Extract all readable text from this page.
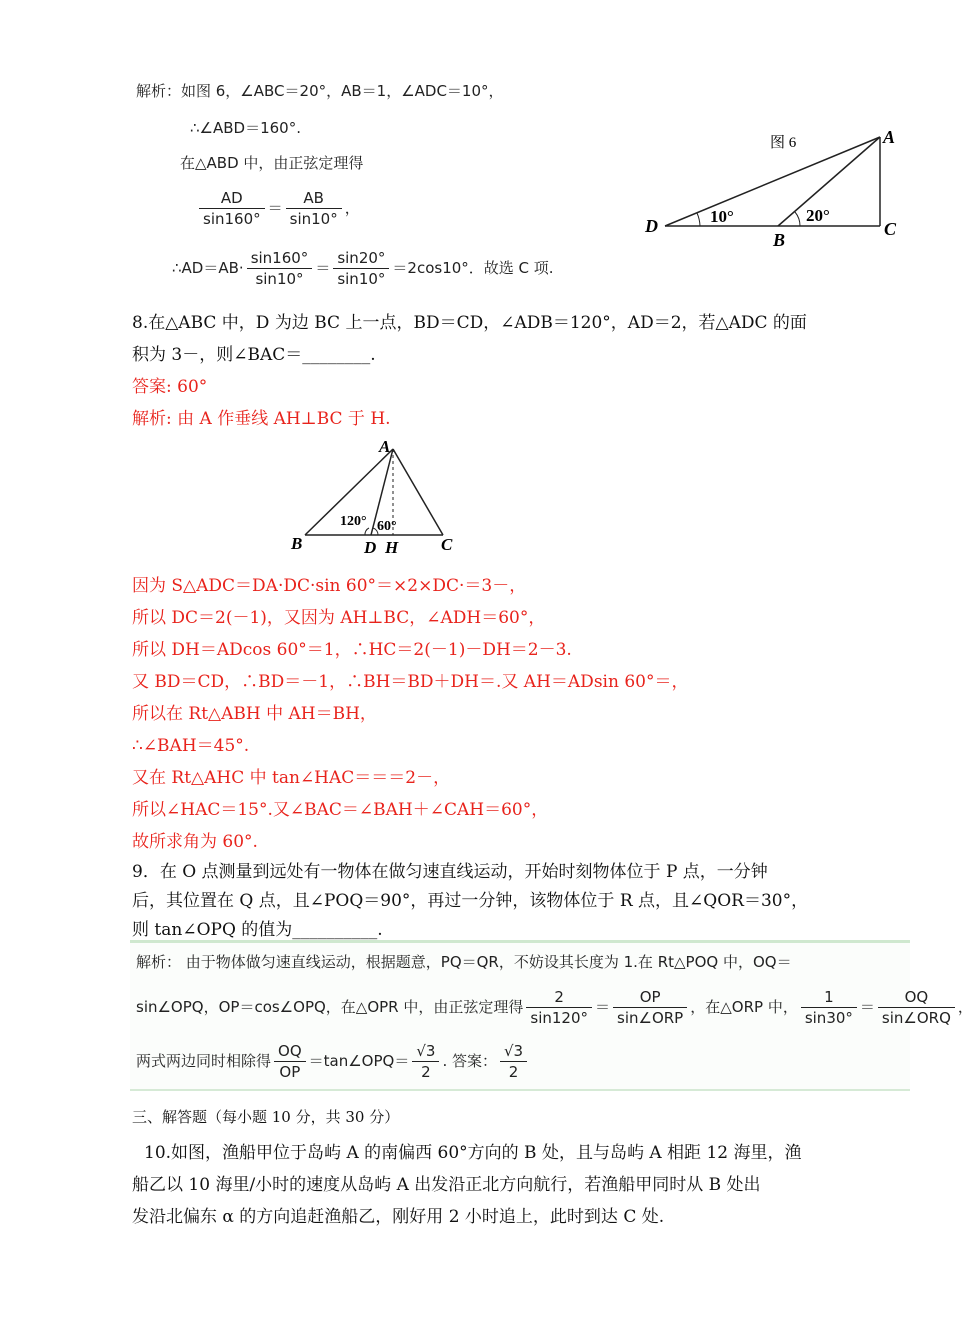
解析：如图 6，∠ABC＝20°，AB＝1，∠ADC＝10°，
∴∠ABD＝160°.
在△ABD 中，由正弦定理得
$\frac{AD}{\sin 160^\circ} = \frac{AB}{\sin 10^\circ}$ ，
∴AD＝AB· $\frac{\sin 160^\circ}{\sin 10^\circ} = \frac{\sin 20^\circ}{\sin 10^\circ} =2\cos 10^\circ$．故选 C 项.
图 6	A
D
B
C
10°	20°
8.在△ABC 中，D 为边 BC 上一点，BD＝CD，∠ADB＝120°，AD＝2，若△ADC 的面
积为 3－，则∠BAC＝________.
答案: 60°
解析: 由 A 作垂线 AH⊥BC 于 H.
A
B	D H	C
120° 60°
因为 S△ADC＝DA·DC·sin 60°＝×2×DC·＝3－，
所以 DC＝2(－1)，又因为 AH⊥BC，∠ADH＝60°，
所以 DH＝ADcos 60°＝1，∴HC＝2(－1)－DH＝2－3.
又 BD＝CD，∴BD＝－1，∴BH＝BD＋DH＝.又 AH＝ADsin 60°＝，
所以在 Rt△ABH 中 AH＝BH，
∴∠BAH＝45°.
又在 Rt△AHC 中 tan∠HAC＝＝＝2－，
所以∠HAC＝15°.又∠BAC＝∠BAH＋∠CAH＝60°，
故所求角为 60°.
9．在 O 点测量到远处有一物体在做匀速直线运动，开始时刻物体位于 P 点，一分钟
后，其位置在 Q 点，且∠POQ＝90°，再过一分钟，该物体位于 R 点，且∠QOR＝30°，
则 tan∠OPQ 的值为__________.
解析： 由于物体做匀速直线运动，根据题意，PQ＝QR，不妨设其长度为 1.在 Rt△POQ 中，OQ＝
sin∠OPQ，OP＝cos∠OPQ，在△OPR 中，由正弦定理得 $\frac{2}{\sin 120^\circ} = \frac{OP}{\text{sin∠ORP}}$ ，在△ORP 中， $\frac{1}{\sin 30^\circ} = \frac{OQ}{\text{sin∠ORQ}}$ ，
两式两边同时相除得 $\frac{OQ}{OP}$ ＝tan∠OPQ＝ $\frac{√3}{2}$ . 答案： $\frac{√3}{2}$
三、解答题（每小题 10 分，共 30 分）
10.如图，渔船甲位于岛屿 A 的南偏西 60°方向的 B 处，且与岛屿 A 相距 12 海里，渔
船乙以 10 海里/小时的速度从岛屿 A 出发沿正北方向航行，若渔船甲同时从 B 处出
发沿北偏东 α 的方向追赶渔船乙，刚好用 2 小时追上，此时到达 C 处.
